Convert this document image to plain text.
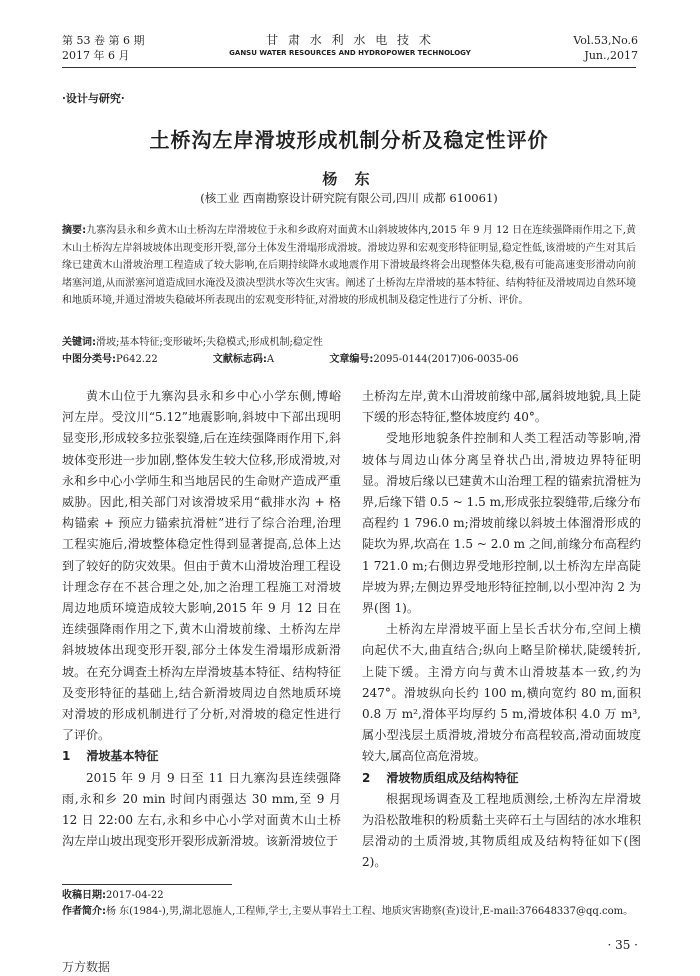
第 53 卷 第 6 期
2017 年 6 月
甘 肃 水 利 水 电 技 术
GANSU WATER RESOURCES AND HYDROPOWER TECHNOLOGY
Vol.53,No.6
Jun.,2017
·设计与研究·
土桥沟左岸滑坡形成机制分析及稳定性评价
杨 东
(核工业 西南勘察设计研究院有限公司,四川 成都 610061)
摘要:九寨沟县永和乡黄木山土桥沟左岸滑坡位于永和乡政府对面黄木山斜坡坡体内,2015 年 9 月 12 日在连续强降雨作用之下,黄木山土桥沟左岸斜坡坡体出现变形开裂,部分土体发生滑塌形成滑坡。滑坡边界和宏观变形特征明显,稳定性低,该滑坡的产生对其后缘已建黄木山滑坡治理工程造成了较大影响,在后期持续降水或地震作用下滑坡最终将会出现整体失稳,极有可能高速变形滑动向前堵塞河道,从而淤塞河道造成回水淹没及溃决型洪水等次生灾害。阐述了土桥沟左岸滑坡的基本特征、结构特征及滑坡周边自然环境和地质环境,并通过滑坡失稳破坏所表现出的宏观变形特征,对滑坡的形成机制及稳定性进行了分析、评价。
关键词:滑坡;基本特征;变形破坏;失稳模式;形成机制;稳定性
中图分类号:P642.22	文献标志码:A	文章编号:2095-0144(2017)06-0035-06

黄木山位于九寨沟县永和乡中心小学东侧,博峪河左岸。受汶川“5.12”地震影响,斜坡中下部出现明显变形,形成较多拉张裂缝,后在连续强降雨作用下,斜坡体变形进一步加剧,整体发生较大位移,形成滑坡,对永和乡中心小学师生和当地居民的生命财产造成严重威胁。因此,相关部门对该滑坡采用“截排水沟 + 格构锚索 + 预应力锚索抗滑桩”进行了综合治理,治理工程实施后,滑坡整体稳定性得到显著提高,总体上达到了较好的防灾效果。但由于黄木山滑坡治理工程设计理念存在不甚合理之处,加之治理工程施工对滑坡周边地质环境造成较大影响,2015 年 9 月 12 日在连续强降雨作用之下,黄木山滑坡前缘、土桥沟左岸斜坡坡体出现变形开裂,部分土体发生滑塌形成新滑坡。在充分调查土桥沟左岸滑坡基本特征、结构特征及变形特征的基础上,结合新滑坡周边自然地质环境对滑坡的形成机制进行了分析,对滑坡的稳定性进行了评价。

1 滑坡基本特征

2015 年 9 月 9 日至 11 日九寨沟县连续强降雨,永和乡 20 min 时间内雨强达 30 mm,至 9 月 12 日 22:00 左右,永和乡中心小学对面黄木山土桥沟左岸山坡出现变形开裂形成新滑坡。该新滑坡位于

土桥沟左岸,黄木山滑坡前缘中部,属斜坡地貌,具上陡下缓的形态特征,整体坡度约 40°。

受地形地貌条件控制和人类工程活动等影响,滑坡体与周边山体分离呈脊状凸出,滑坡边界特征明显。滑坡后缘以已建黄木山治理工程的锚索抗滑桩为界,后缘下错 0.5 ~ 1.5 m,形成张拉裂缝带,后缘分布高程约 1 796.0 m;滑坡前缘以斜坡土体溜滑形成的陡坎为界,坎高在 1.5 ~ 2.0 m 之间,前缘分布高程约 1 721.0 m;右侧边界受地形控制,以土桥沟左岸高陡岸坡为界;左侧边界受地形特征控制,以小型冲沟 2 为界(图 1)。

土桥沟左岸滑坡平面上呈长舌状分布,空间上横向起伏不大,曲直结合;纵向上略呈阶梯状,陡缓转折,上陡下缓。主滑方向与黄木山滑坡基本一致,约为 247°。滑坡纵向长约 100 m,横向宽约 80 m,面积 0.8 万 m²,滑体平均厚约 5 m,滑坡体积 4.0 万 m³,属小型浅层土质滑坡,滑坡分布高程较高,滑动面坡度较大,属高位高危滑坡。

2 滑坡物质组成及结构特征

根据现场调查及工程地质测绘,土桥沟左岸滑坡为沿松散堆积的粉质黏土夹碎石土与固结的冰水堆积层滑动的土质滑坡,其物质组成及结构特征如下(图 2)。

收稿日期:2017-04-22
作者简介:杨 东(1984-),男,湖北恩施人,工程师,学士,主要从事岩土工程、地质灾害勘察(查)设计,E-mail:376648337@qq.com。
· 35 ·
万方数据
